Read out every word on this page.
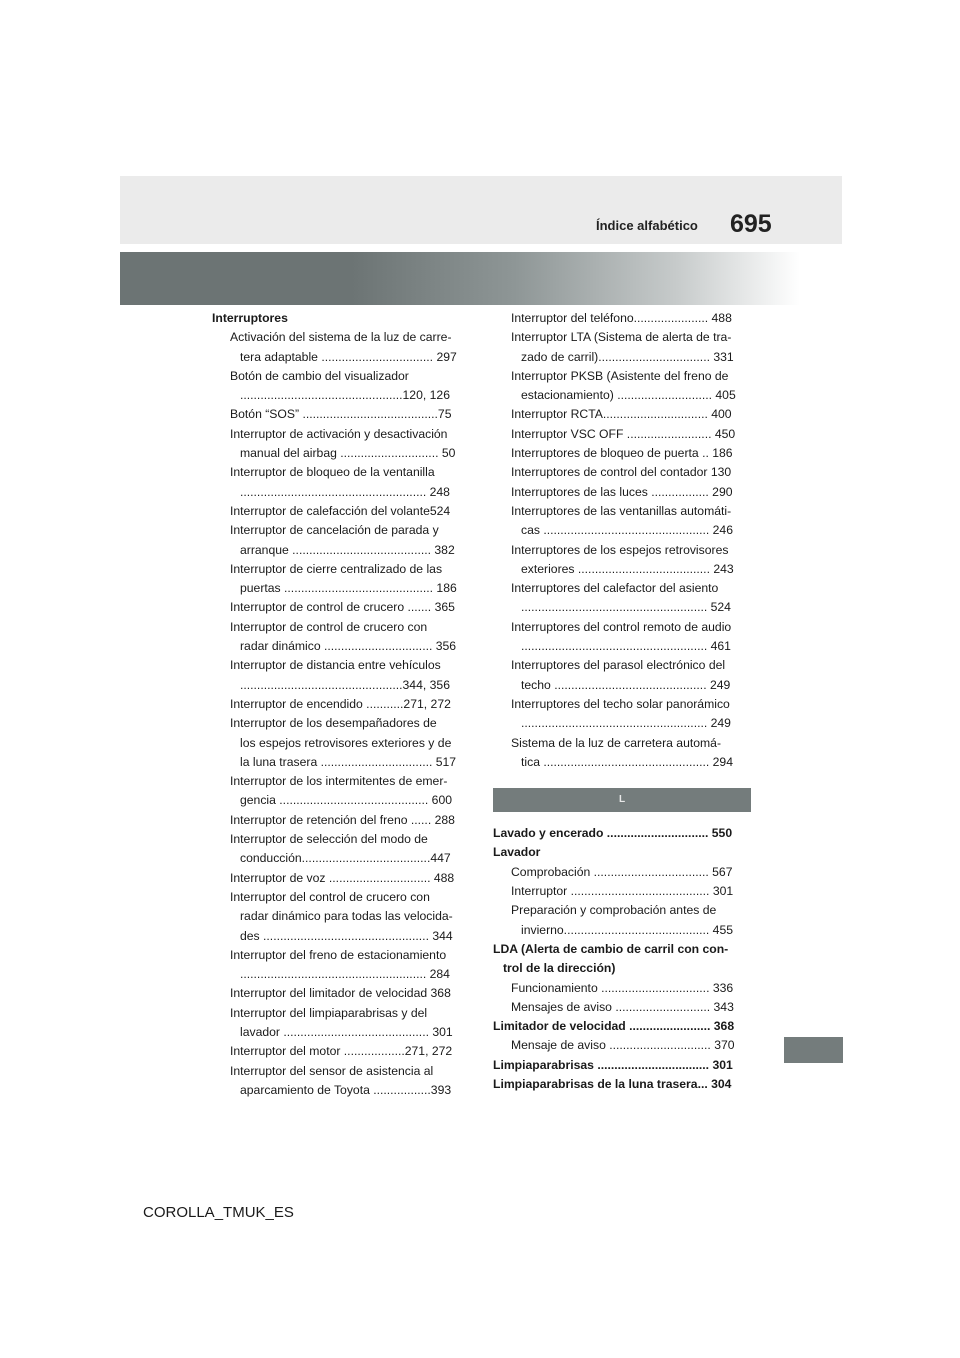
Índice alfabético 695
Interruptores
Activación del sistema de la luz de carre-
tera adaptable ................................. 297
Botón de cambio del visualizador
................................................120, 126
Botón “SOS” ........................................75
Interruptor de activación y desactivación
manual del airbag ............................. 50
Interruptor de bloqueo de la ventanilla
....................................................... 248
Interruptor de calefacción del volante524
Interruptor de cancelación de parada y
arranque ......................................... 382
Interruptor de cierre centralizado de las
puertas ............................................ 186
Interruptor de control de crucero ....... 365
Interruptor de control de crucero con
radar dinámico ................................ 356
Interruptor de distancia entre vehículos
................................................344, 356
Interruptor de encendido ...........271, 272
Interruptor de los desempañadores de
los espejos retrovisores exteriores y de
la luna trasera ................................. 517
Interruptor de los intermitentes de emer-
gencia ............................................ 600
Interruptor de retención del freno ...... 288
Interruptor de selección del modo de
conducción......................................447
Interruptor de voz .............................. 488
Interruptor del control de crucero con
radar dinámico para todas las velocida-
des ................................................. 344
Interruptor del freno de estacionamiento
....................................................... 284
Interruptor del limitador de velocidad 368
Interruptor del limpiaparabrisas y del
lavador ........................................... 301
Interruptor del motor ..................271, 272
Interruptor del sensor de asistencia al
aparcamiento de Toyota .................393
Interruptor del teléfono...................... 488
Interruptor LTA (Sistema de alerta de tra-
zado de carril)................................. 331
Interruptor PKSB (Asistente del freno de
estacionamiento) ............................ 405
Interruptor RCTA............................... 400
Interruptor VSC OFF ......................... 450
Interruptores de bloqueo de puerta .. 186
Interruptores de control del contador 130
Interruptores de las luces ................. 290
Interruptores de las ventanillas automáti-
cas ................................................. 246
Interruptores de los espejos retrovisores
exteriores ....................................... 243
Interruptores del calefactor del asiento
....................................................... 524
Interruptores del control remoto de audio
....................................................... 461
Interruptores del parasol electrónico del
techo ............................................. 249
Interruptores del techo solar panorámico
....................................................... 249
Sistema de la luz de carretera automá-
tica ................................................. 294
L
Lavado y encerado .............................. 550
Lavador
Comprobación .................................. 567
Interruptor ......................................... 301
Preparación y comprobación antes de
invierno........................................... 455
LDA (Alerta de cambio de carril con con-
trol de la dirección)
Funcionamiento ................................ 336
Mensajes de aviso ............................ 343
Limitador de velocidad ........................ 368
Mensaje de aviso .............................. 370
Limpiaparabrisas ................................. 301
Limpiaparabrisas de la luna trasera... 304
COROLLA_TMUK_ES
